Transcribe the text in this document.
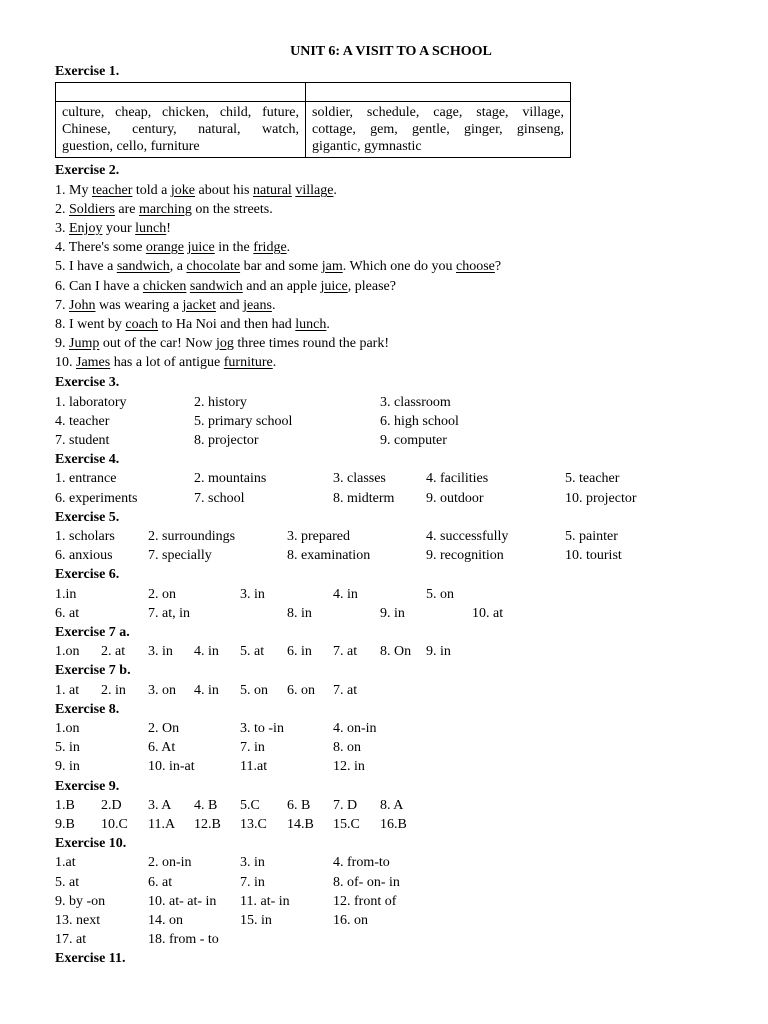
UNIT 6: A VISIT TO A SCHOOL
Exercise 1.

culture, cheap, chicken, child, future, Chinese, century, natural, watch, guestion, cello, furniture	soldier, schedule, cage, stage, village, cottage, gem, gentle, ginger, ginseng, gigantic, gymnastic
Exercise 2.
1. My teacher told a joke about his natural village.
2. Soldiers are marching on the streets.
3. Enjoy your lunch!
4. There's some orange juice in the fridge.
5. I have a sandwich, a chocolate bar and some jam. Which one do you choose?
6. Can I have a chicken sandwich and an apple juice, please?
7. John was wearing a jacket and jeans.
8. I went by coach to Ha Noi and then had lunch.
9. Jump out of the car! Now jog three times round the park!
10. James has a lot of antigue furniture.
Exercise 3.
1. laboratory	2. history	3. classroom
4. teacher	5. primary school	6. high school
7. student	8. projector	9. computer
Exercise 4.
1. entrance	2. mountains	3. classes	4. facilities	5. teacher
6. experiments	7. school	8. midterm 9. outdoor	10. projector
Exercise 5.
1. scholars 2. surroundings	3. prepared	4. successfully	5. painter
6. anxious	7. specially	8. examination	9. recognition	10. tourist
Exercise 6.
1.in	2. on	3. in	4. in	5. on
6. at	7. at, in	8. in	9. in	10. at
Exercise 7 a.
1.on 2. at 3. in 4. in 5. at 6. in 7. at 8. On 9. in
Exercise 7 b.
1. at 2. in 3. on 4. in 5. on 6. on 7. at
Exercise 8.
1.on	2. On	3. to -in	4. on-in
5. in	6. At	7. in	8. on
9. in	10. in-at	11.at	12. in
Exercise 9.
1.B 2.D 3. A 4. B 5.C 6. B 7. D 8. A
9.B 10.C 11.A 12.B 13.C 14.B 15.C 16.B
Exercise 10.
1.at	2. on-in	3. in	4. from-to
5. at	6. at	7. in	8. of- on- in
9. by -on	10. at- at- in 11. at- in	12. front of
13. next	14. on	15. in	16. on
17. at	18. from - to
Exercise 11.
